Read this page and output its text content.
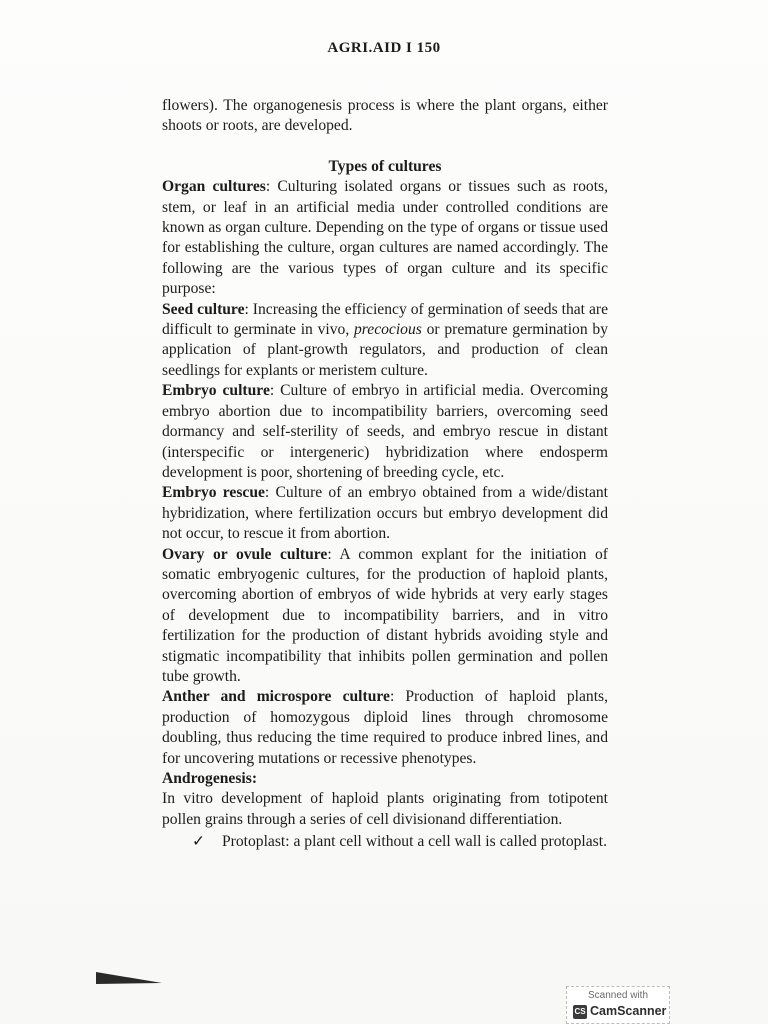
AGRI.AID I 150

flowers). The organogenesis process is where the plant organs, either shoots or roots, are developed.

Types of cultures

Organ cultures: Culturing isolated organs or tissues such as roots, stem, or leaf in an artificial media under controlled conditions are known as organ culture. Depending on the type of organs or tissue used for establishing the culture, organ cultures are named accordingly. The following are the various types of organ culture and its specific purpose:

Seed culture: Increasing the efficiency of germination of seeds that are difficult to germinate in vivo, precocious or premature germination by application of plant-growth regulators, and production of clean seedlings for explants or meristem culture.

Embryo culture: Culture of embryo in artificial media. Overcoming embryo abortion due to incompatibility barriers, overcoming seed dormancy and self-sterility of seeds, and embryo rescue in distant (interspecific or intergeneric) hybridization where endosperm development is poor, shortening of breeding cycle, etc.

Embryo rescue: Culture of an embryo obtained from a wide/distant hybridization, where fertilization occurs but embryo development did not occur, to rescue it from abortion.

Ovary or ovule culture: A common explant for the initiation of somatic embryogenic cultures, for the production of haploid plants, overcoming abortion of embryos of wide hybrids at very early stages of development due to incompatibility barriers, and in vitro fertilization for the production of distant hybrids avoiding style and stigmatic incompatibility that inhibits pollen germination and pollen tube growth.

Anther and microspore culture: Production of haploid plants, production of homozygous diploid lines through chromosome doubling, thus reducing the time required to produce inbred lines, and for uncovering mutations or recessive phenotypes.

Androgenesis:

In vitro development of haploid plants originating from totipotent pollen grains through a series of cell divisionand differentiation.

✓	Protoplast: a plant cell without a cell wall is called protoplast.
Scanned with
CS CamScanner
